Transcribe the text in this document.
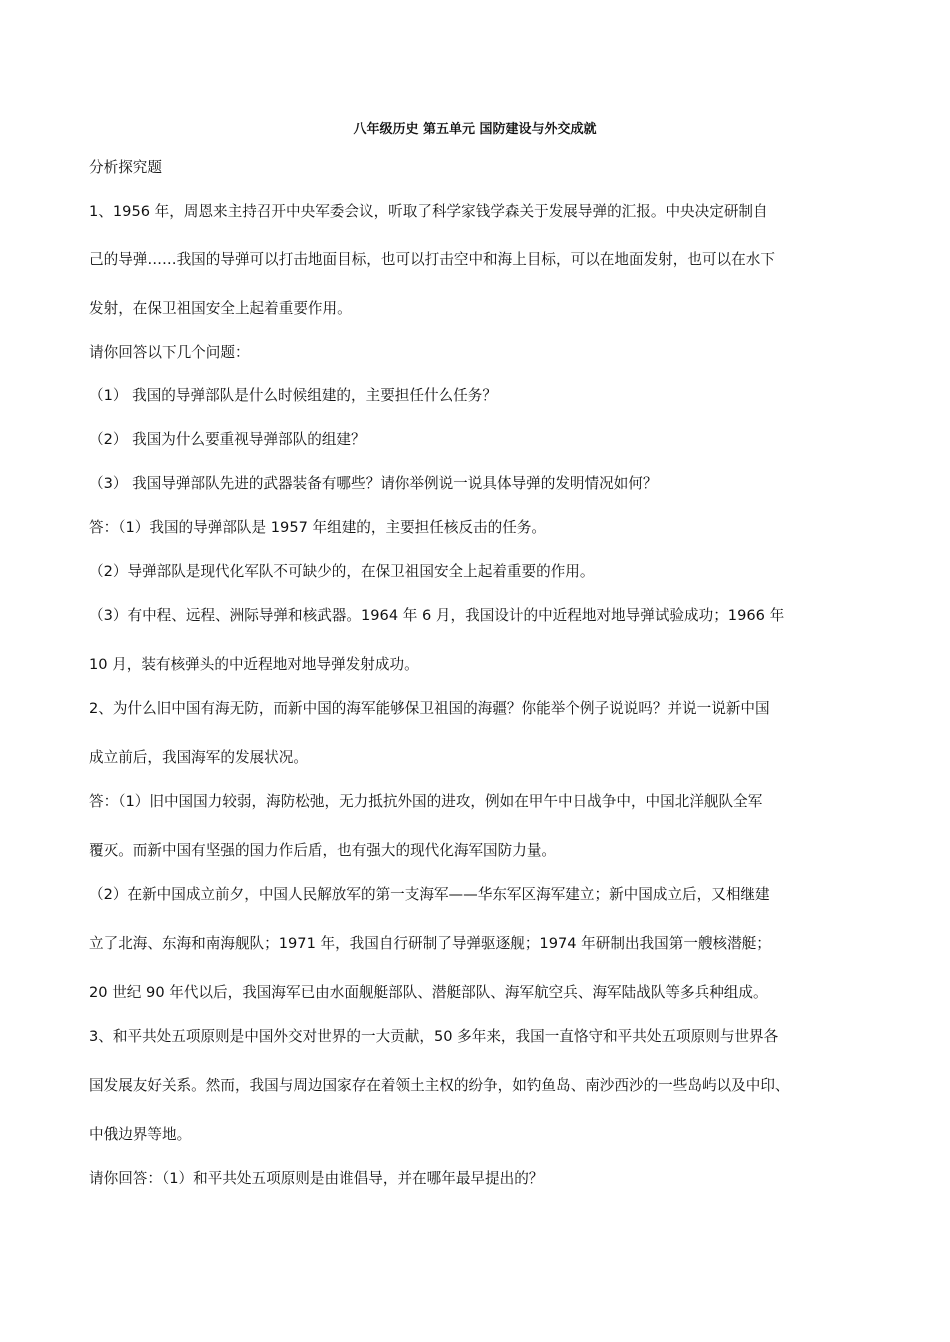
八年级历史 第五单元 国防建设与外交成就
分析探究题
1、1956 年，周恩来主持召开中央军委会议，听取了科学家钱学森关于发展导弹的汇报。中央决定研制自
己的导弹……我国的导弹可以打击地面目标，也可以打击空中和海上目标，可以在地面发射，也可以在水下
发射，在保卫祖国安全上起着重要作用。
请你回答以下几个问题：
（1） 我国的导弹部队是什么时候组建的，主要担任什么任务？
（2） 我国为什么要重视导弹部队的组建？
（3） 我国导弹部队先进的武器装备有哪些？请你举例说一说具体导弹的发明情况如何？
答：（1）我国的导弹部队是 1957 年组建的，主要担任核反击的任务。
（2）导弹部队是现代化军队不可缺少的，在保卫祖国安全上起着重要的作用。
（3）有中程、远程、洲际导弹和核武器。1964 年 6 月，我国设计的中近程地对地导弹试验成功；1966 年
10 月，装有核弹头的中近程地对地导弹发射成功。
2、为什么旧中国有海无防，而新中国的海军能够保卫祖国的海疆？你能举个例子说说吗？并说一说新中国
成立前后，我国海军的发展状况。
答：（1）旧中国国力较弱，海防松弛，无力抵抗外国的进攻，例如在甲午中日战争中，中国北洋舰队全军
覆灭。而新中国有坚强的国力作后盾，也有强大的现代化海军国防力量。
（2）在新中国成立前夕，中国人民解放军的第一支海军——华东军区海军建立；新中国成立后，又相继建
立了北海、东海和南海舰队；1971 年，我国自行研制了导弹驱逐舰；1974 年研制出我国第一艘核潜艇；
20 世纪 90 年代以后，我国海军已由水面舰艇部队、潜艇部队、海军航空兵、海军陆战队等多兵种组成。
3、和平共处五项原则是中国外交对世界的一大贡献，50 多年来，我国一直恪守和平共处五项原则与世界各
国发展友好关系。然而，我国与周边国家存在着领土主权的纷争，如钓鱼岛、南沙西沙的一些岛屿以及中印、
中俄边界等地。
请你回答：（1）和平共处五项原则是由谁倡导，并在哪年最早提出的？
